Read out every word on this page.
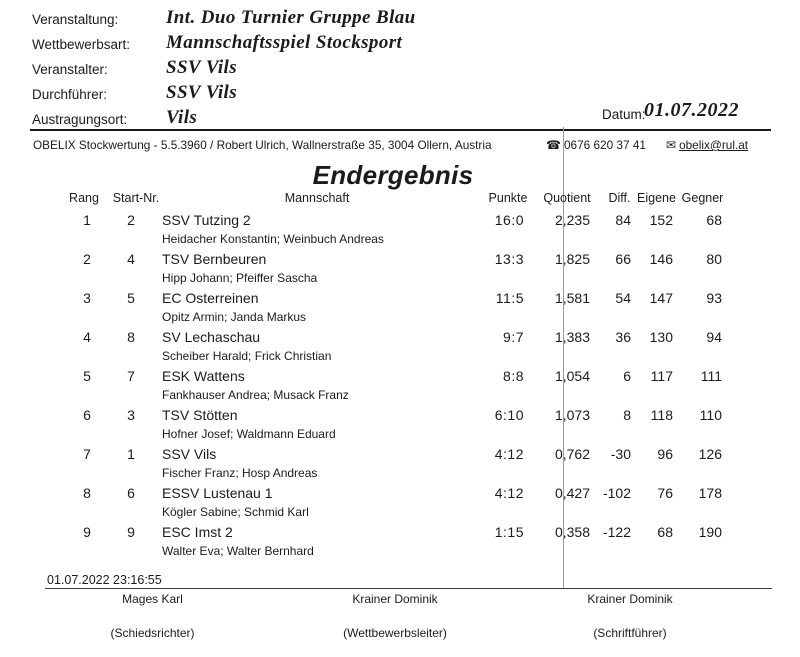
Veranstaltung:	Int. Duo Turnier Gruppe Blau
Wettbewerbsart: Mannschaftsspiel Stocksport
Veranstalter:	SSV Vils
Durchführer:	SSV Vils
Austragungsort: Vils	Datum:
01.07.2022
OBELIX Stockwertung - 5.5.3960 / Robert Ulrich, Wallnerstraße 35, 3004 Ollern, Austria	☎ 0676 620 37 41 ✉ obelix@rul.at
Endergebnis
Rang	Start-Nr.	Mannschaft	Punkte	Quotient	Diff. Eigene Gegner
1	2	SSV Tutzing 2
Heidacher Konstantin; Weinbuch Andreas
16:0	2,235	84	152	68
2	4	TSV Bernbeuren
Hipp Johann; Pfeiffer Sascha
13:3	1,825	66	146	80
3	5	EC Osterreinen
Opitz Armin; Janda Markus
11:5	1,581	54	147	93
4	8	SV Lechaschau
Scheiber Harald; Frick Christian
9:7	1,383	36	130	94
5	7	ESK Wattens
Fankhauser Andrea; Musack Franz
8:8	1,054	6	117	111
6	3	TSV Stötten
Hofner Josef; Waldmann Eduard
6:10	1,073	8	118	110
7	1	SSV Vils
Fischer Franz; Hosp Andreas
4:12	0,762	-30	96	126
8	6	ESSV Lustenau 1
Kögler Sabine; Schmid Karl
4:12	0,427 -102	76	178
9	9	ESC Imst 2
Walter Eva; Walter Bernhard
1:15	0,358 -122	68	190
01.07.2022 23:16:55
Mages Karl	Krainer Dominik	Krainer Dominik
(Schiedsrichter)	(Wettbewerbsleiter)	(Schriftführer)
